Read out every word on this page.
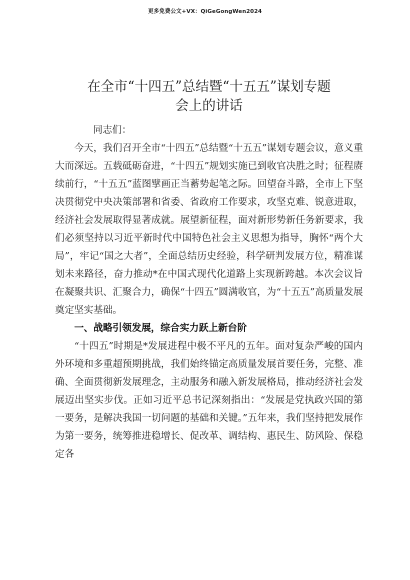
更多免费公文+VX：QiGeGongWen2024
在全市“十四五”总结暨“十五五”谋划专题
会上的讲话

同志们：

今天，我们召开全市“十四五”总结暨“十五五”谋划专题会议，意义重大而深远。五载砥砺奋进，“十四五”规划实施已到收官决胜之时；征程赓续前行，“十五五”蓝图擘画正当蓄势起笔之际。回望奋斗路，全市上下坚决贯彻党中央决策部署和省委、省政府工作要求，攻坚克难、锐意进取，经济社会发展取得显著成就。展望新征程，面对新形势新任务新要求，我们必须坚持以习近平新时代中国特色社会主义思想为指导，胸怀“两个大局”，牢记“国之大者”，全面总结历史经验，科学研判发展方位，精准谋划未来路径，奋力推动*在中国式现代化道路上实现新跨越。本次会议旨在凝聚共识、汇聚合力，确保“十四五”圆满收官，为“十五五”高质量发展奠定坚实基础。

一、战略引领发展，综合实力跃上新台阶

“十四五”时期是*发展进程中极不平凡的五年。面对复杂严峻的国内外环境和多重超预期挑战，我们始终锚定高质量发展首要任务，完整、准确、全面贯彻新发展理念，主动服务和融入新发展格局，推动经济社会发展迈出坚实步伐。正如习近平总书记深刻指出：“发展是党执政兴国的第一要务，是解决我国一切问题的基础和关键。”五年来，我们坚持把发展作为第一要务，统筹推进稳增长、促改革、调结构、惠民生、防风险、保稳定各
